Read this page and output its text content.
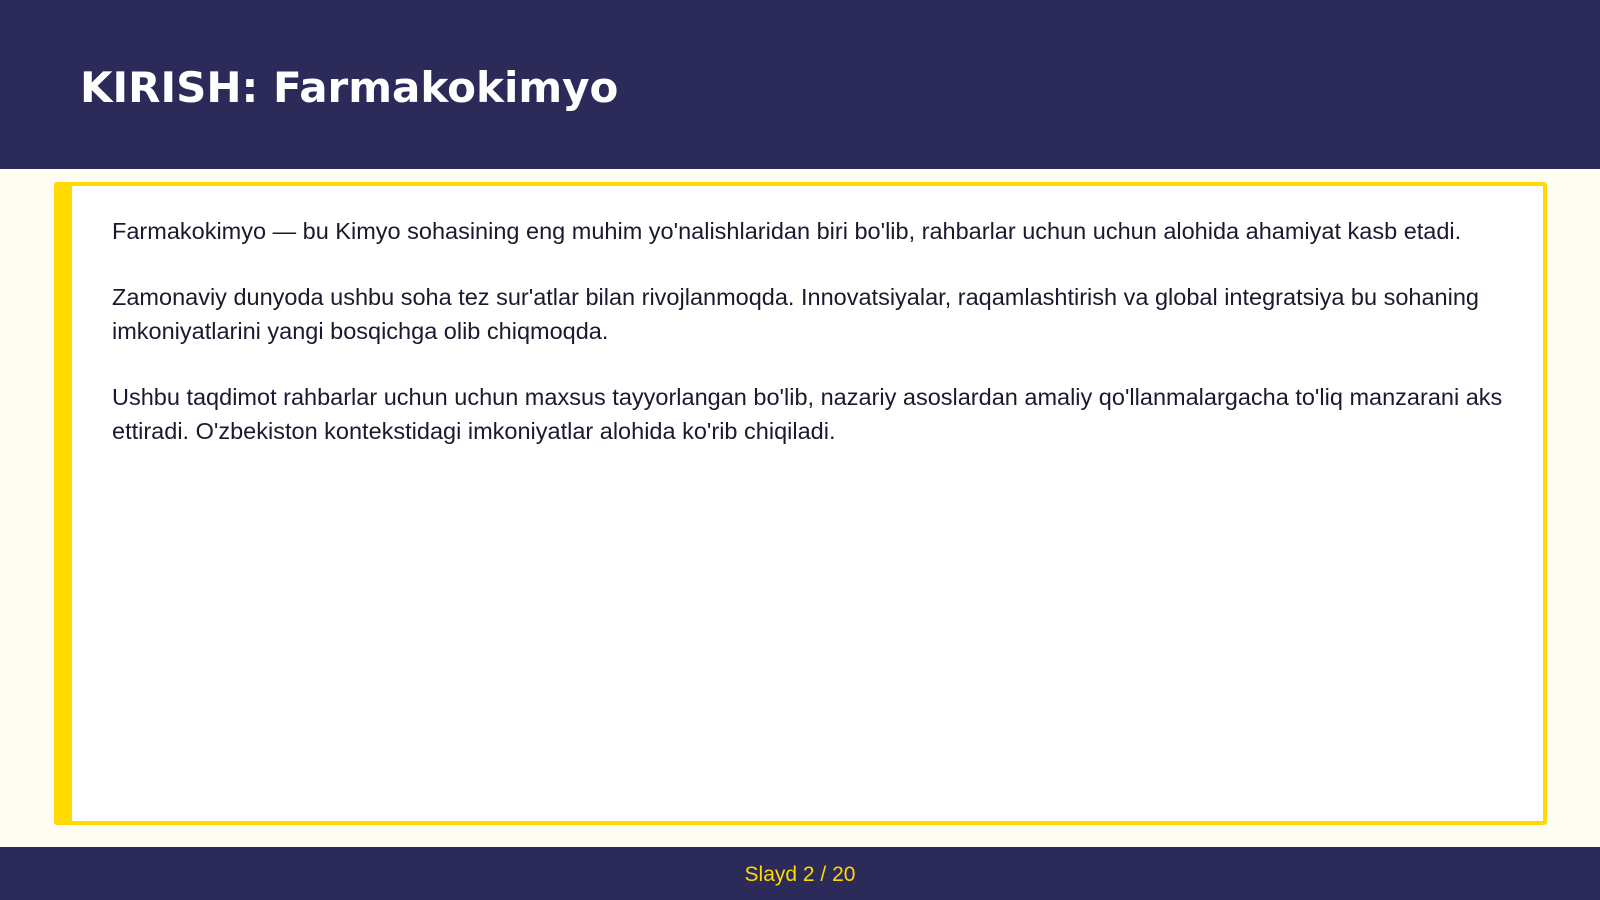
KIRISH: Farmakokimyo

Farmakokimyo — bu Kimyo sohasining eng muhim yo'nalishlaridan biri bo'lib, rahbarlar uchun uchun alohida ahamiyat kasb etadi.

Zamonaviy dunyoda ushbu soha tez sur'atlar bilan rivojlanmoqda. Innovatsiyalar, raqamlashtirish va global integratsiya bu sohaning imkoniyatlarini yangi bosqichga olib chiqmoqda.

Ushbu taqdimot rahbarlar uchun uchun maxsus tayyorlangan bo'lib, nazariy asoslardan amaliy qo'llanmalargacha to'liq manzarani aks ettiradi. O'zbekiston kontekstidagi imkoniyatlar alohida ko'rib chiqiladi.

Slayd 2 / 20
